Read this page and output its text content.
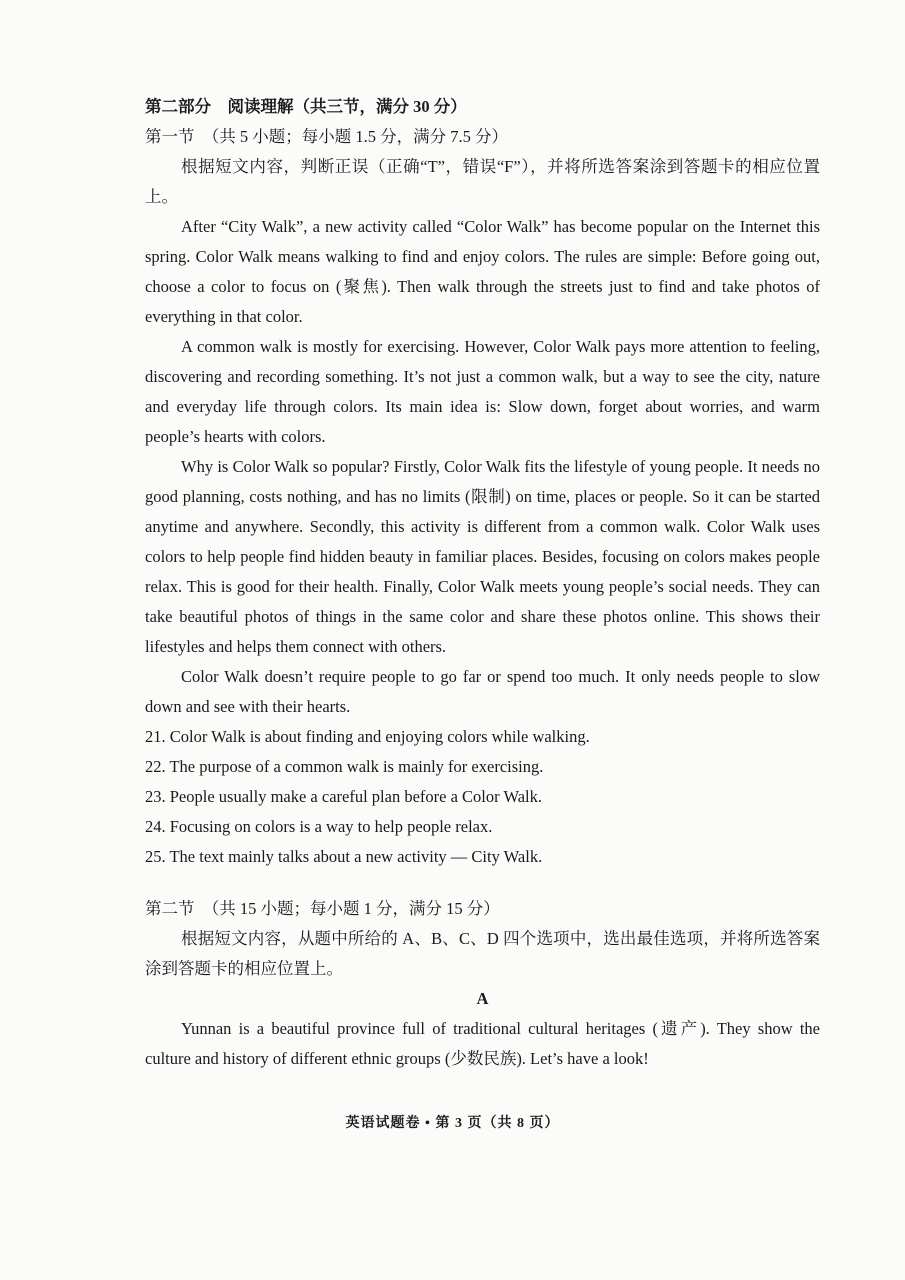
第二部分　阅读理解（共三节，满分 30 分）
第一节　（共 5 小题；每小题 1.5 分，满分 7.5 分）
根据短文内容，判断正误（正确“T”，错误“F”），并将所选答案涂到答题卡的相应位置上。
After “City Walk”, a new activity called “Color Walk” has become popular on the Internet this spring. Color Walk means walking to find and enjoy colors. The rules are simple: Before going out, choose a color to focus on (聚焦). Then walk through the streets just to find and take photos of everything in that color.
A common walk is mostly for exercising. However, Color Walk pays more attention to feeling, discovering and recording something. It’s not just a common walk, but a way to see the city, nature and everyday life through colors. Its main idea is: Slow down, forget about worries, and warm people’s hearts with colors.
Why is Color Walk so popular? Firstly, Color Walk fits the lifestyle of young people. It needs no good planning, costs nothing, and has no limits (限制) on time, places or people. So it can be started anytime and anywhere. Secondly, this activity is different from a common walk. Color Walk uses colors to help people find hidden beauty in familiar places. Besides, focusing on colors makes people relax. This is good for their health. Finally, Color Walk meets young people’s social needs. They can take beautiful photos of things in the same color and share these photos online. This shows their lifestyles and helps them connect with others.
Color Walk doesn’t require people to go far or spend too much. It only needs people to slow down and see with their hearts.
21. Color Walk is about finding and enjoying colors while walking.
22. The purpose of a common walk is mainly for exercising.
23. People usually make a careful plan before a Color Walk.
24. Focusing on colors is a way to help people relax.
25. The text mainly talks about a new activity — City Walk.
第二节　（共 15 小题；每小题 1 分，满分 15 分）
根据短文内容，从题中所给的 A、B、C、D 四个选项中，选出最佳选项，并将所选答案涂到答题卡的相应位置上。
A
Yunnan is a beautiful province full of traditional cultural heritages (遗产). They show the culture and history of different ethnic groups (少数民族). Let’s have a look!
英语试题卷 • 第 3 页（共 8 页）
